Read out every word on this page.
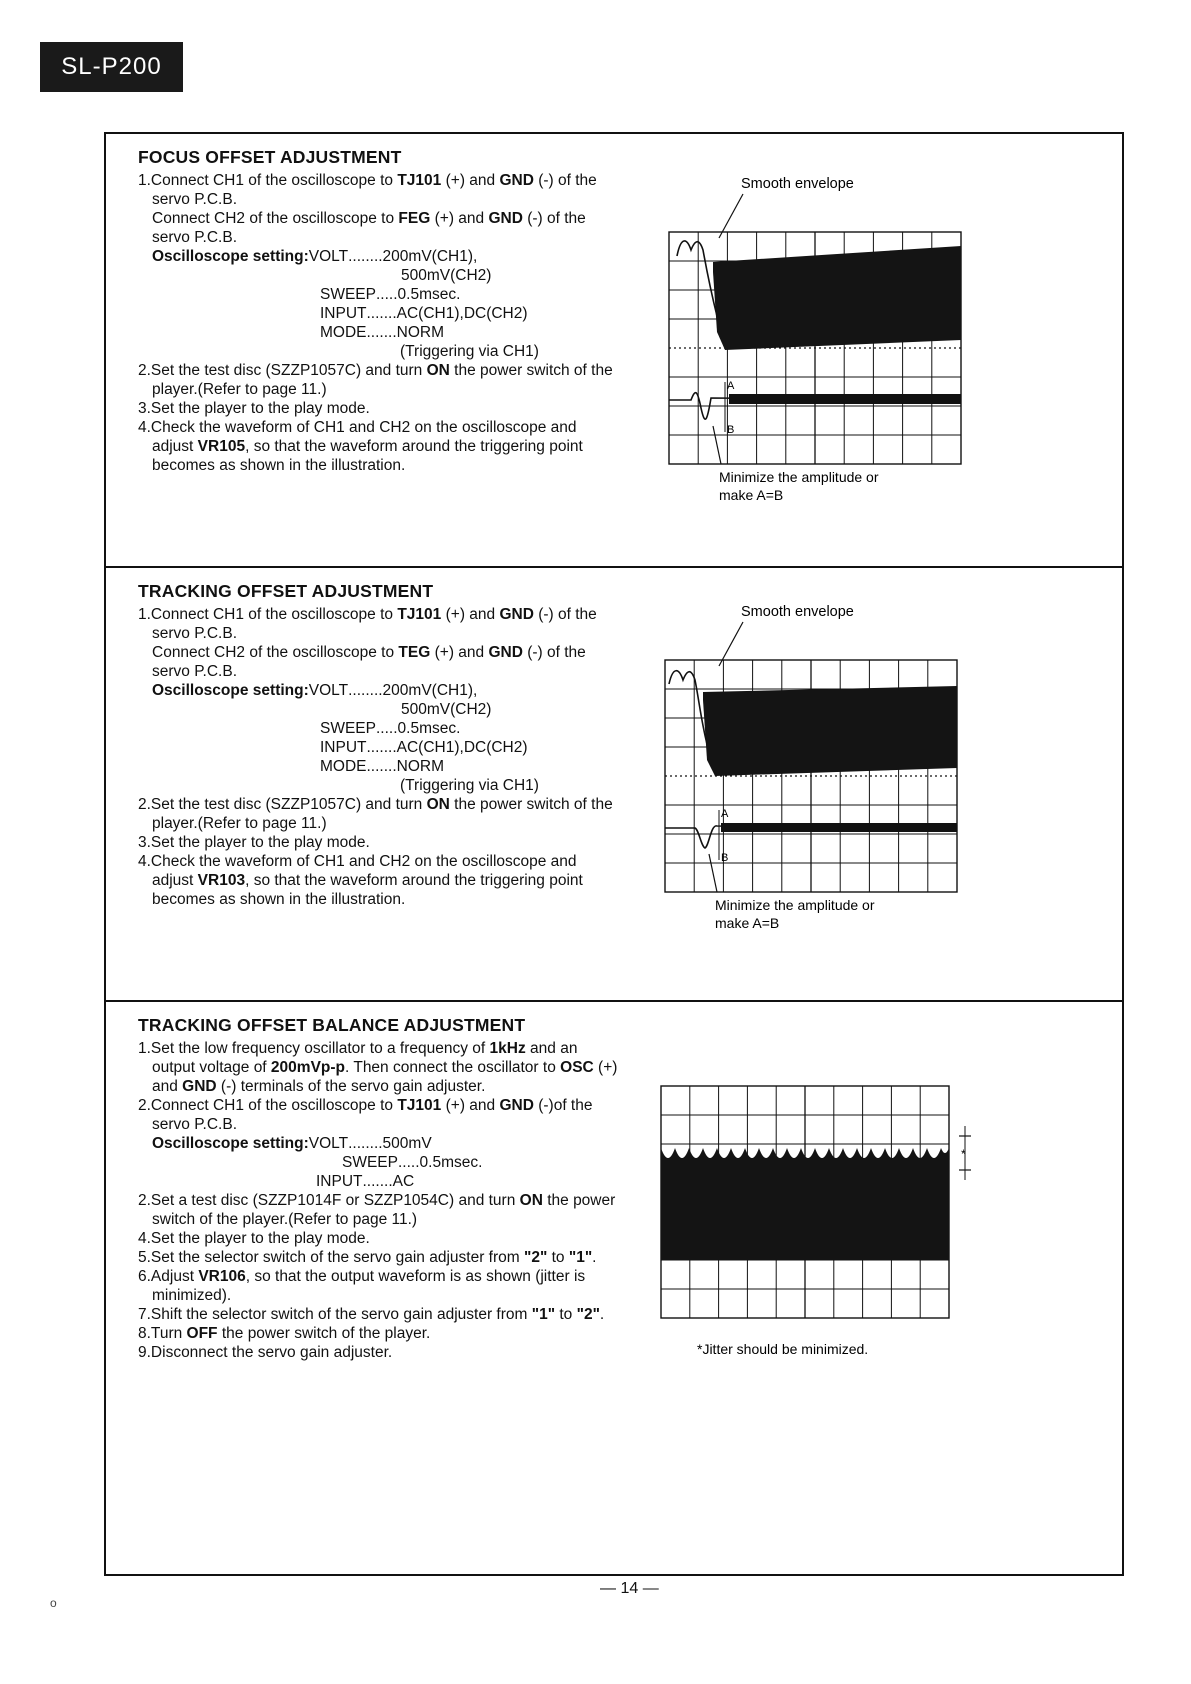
SL-P200

FOCUS OFFSET ADJUSTMENT

1.Connect CH1 of the oscilloscope to TJ101 (+) and GND (-) of the servo P.C.B.

Connect CH2 of the oscilloscope to FEG (+) and GND (-) of the servo P.C.B.

Oscilloscope setting: VOLT ........200mV(CH1),
500mV(CH2)
SWEEP .....0.5msec.
INPUT .......AC(CH1),DC(CH2)
MODE .......NORM
(Triggering via CH1)

2.Set the test disc (SZZP1057C) and turn ON the power switch of the player.(Refer to page 11.)

3.Set the player to the play mode.

4.Check the waveform of CH1 and CH2 on the oscilloscope and adjust VR105, so that the waveform around the triggering point becomes as shown in the illustration.

Smooth envelope
A
B
Minimize the amplitude or
make A=B

TRACKING OFFSET ADJUSTMENT

1.Connect CH1 of the oscilloscope to TJ101 (+) and GND (-) of the servo P.C.B.

Connect CH2 of the oscilloscope to TEG (+) and GND (-) of the servo P.C.B.

Oscilloscope setting: VOLT ........200mV(CH1),
500mV(CH2)
SWEEP .....0.5msec.
INPUT .......AC(CH1),DC(CH2)
MODE .......NORM
(Triggering via CH1)

2.Set the test disc (SZZP1057C) and turn ON the power switch of the player.(Refer to page 11.)

3.Set the player to the play mode.

4.Check the waveform of CH1 and CH2 on the oscilloscope and adjust VR103, so that the waveform around the triggering point becomes as shown in the illustration.

Smooth envelope
A
B
Minimize the amplitude or
make A=B

TRACKING OFFSET BALANCE ADJUSTMENT

1.Set the low frequency oscillator to a frequency of 1kHz and an output voltage of 200mVp-p. Then connect the oscillator to OSC (+) and GND (-) terminals of the servo gain adjuster.

2.Connect CH1 of the oscilloscope to TJ101 (+) and GND (-)of the servo P.C.B.

Oscilloscope setting: VOLT ........500mV
SWEEP .....0.5msec.
INPUT .......AC

2.Set a test disc (SZZP1014F or SZZP1054C) and turn ON the power switch of the player.(Refer to page 11.)

4.Set the player to the play mode.

5.Set the selector switch of the servo gain adjuster from "2" to "1".

6.Adjust VR106, so that the output waveform is as shown (jitter is minimized).

7.Shift the selector switch of the servo gain adjuster from "1" to "2".

8.Turn OFF the power switch of the player.

9.Disconnect the servo gain adjuster.

*
*Jitter should be minimized.
— 14 —
o
